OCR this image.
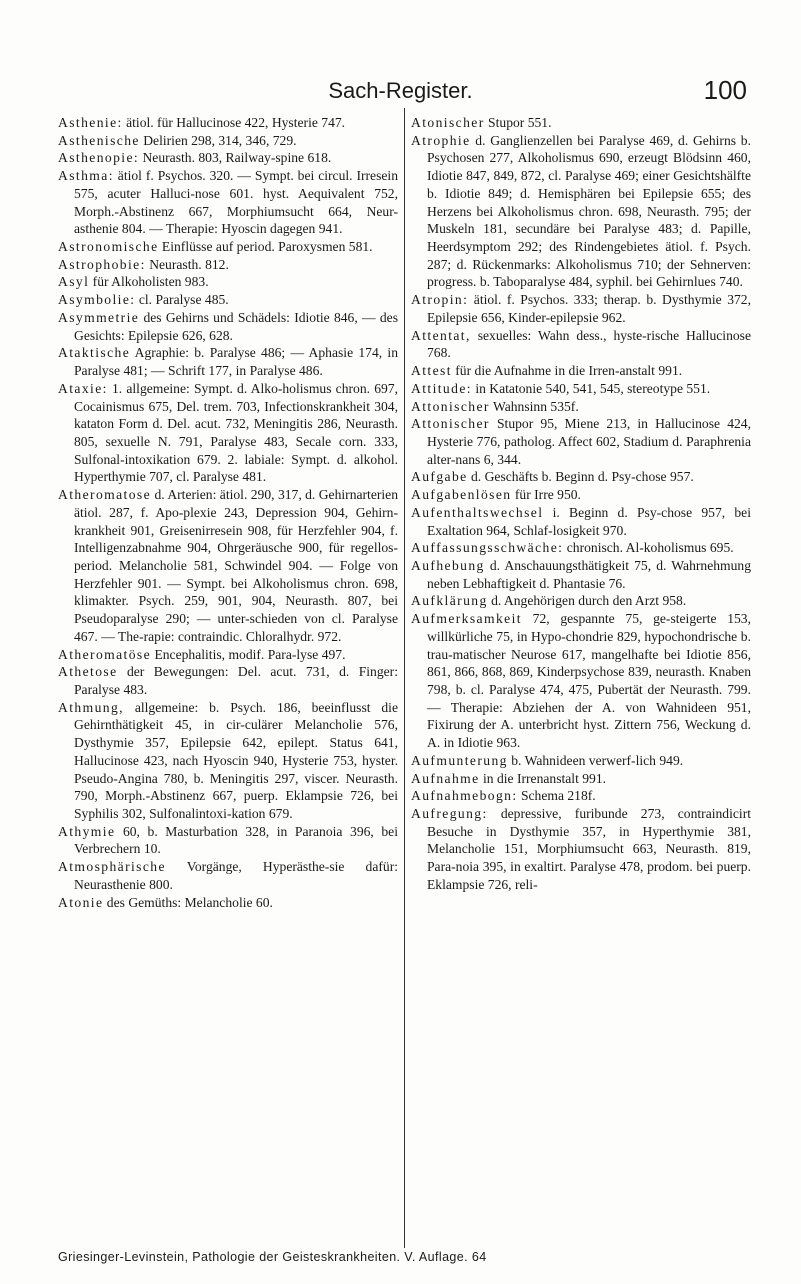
Sach-Register.	100

Asthenie: ätiol. für Hallucinose 422, Hysterie 747.

Asthenische Delirien 298, 314, 346, 729.

Asthenopie: Neurasth. 803, Railway-spine 618.

Asthma: ätiol f. Psychos. 320. — Sympt. bei circul. Irresein 575, acuter Halluci-nose 601. hyst. Aequivalent 752, Morph.-Abstinenz 667, Morphiumsucht 664, Neur-asthenie 804. — Therapie: Hyoscin dagegen 941.

Astronomische Einflüsse auf period. Paroxysmen 581.

Astrophobie: Neurasth. 812.

Asyl für Alkoholisten 983.

Asymbolie: cl. Paralyse 485.

Asymmetrie des Gehirns und Schädels: Idiotie 846, — des Gesichts: Epilepsie 626, 628.

Ataktische Agraphie: b. Paralyse 486; — Aphasie 174, in Paralyse 481; — Schrift 177, in Paralyse 486.

Ataxie: 1. allgemeine: Sympt. d. Alko-holismus chron. 697, Cocainismus 675, Del. trem. 703, Infectionskrankheit 304, kataton Form d. Del. acut. 732, Meningitis 286, Neurasth. 805, sexuelle N. 791, Paralyse 483, Secale corn. 333, Sulfonal-intoxikation 679. 2. labiale: Sympt. d. alkohol. Hyperthymie 707, cl. Paralyse 481.

Atheromatose d. Arterien: ätiol. 290, 317, d. Gehirnarterien ätiol. 287, f. Apo-plexie 243, Depression 904, Gehirn-krankheit 901, Greisenirresein 908, für Herzfehler 904, f. Intelligenzabnahme 904, Ohrgeräusche 900, für regellos-period. Melancholie 581, Schwindel 904. — Folge von Herzfehler 901. — Sympt. bei Alkoholismus chron. 698, klimakter. Psych. 259, 901, 904, Neurasth. 807, bei Pseudoparalyse 290; — unter-schieden von cl. Paralyse 467. — The-rapie: contraindic. Chloralhydr. 972.

Atheromatöse Encephalitis, modif. Para-lyse 497.

Athetose der Bewegungen: Del. acut. 731, d. Finger: Paralyse 483.

Athmung, allgemeine: b. Psych. 186, beeinflusst die Gehirnthätigkeit 45, in cir-culärer Melancholie 576, Dysthymie 357, Epilepsie 642, epilept. Status 641, Hallucinose 423, nach Hyoscin 940, Hysterie 753, hyster. Pseudo-Angina 780, b. Meningitis 297, viscer. Neurasth. 790, Morph.-Abstinenz 667, puerp. Eklampsie 726, bei Syphilis 302, Sulfonalintoxi-kation 679.

Athymie 60, b. Masturbation 328, in Paranoia 396, bei Verbrechern 10.

Atmosphärische Vorgänge, Hyperästhe-sie dafür: Neurasthenie 800.

Atonie des Gemüths: Melancholie 60.

Atonischer Stupor 551.

Atrophie d. Ganglienzellen bei Paralyse 469, d. Gehirns b. Psychosen 277, Alkoholismus 690, erzeugt Blödsinn 460, Idiotie 847, 849, 872, cl. Paralyse 469; einer Gesichtshälfte b. Idiotie 849; d. Hemisphären bei Epilepsie 655; des Herzens bei Alkoholismus chron. 698, Neurasth. 795; der Muskeln 181, secundäre bei Paralyse 483; d. Papille, Heerdsymptom 292; des Rindengebietes ätiol. f. Psych. 287; d. Rückenmarks: Alkoholismus 710; der Sehnerven: progress. b. Taboparalyse 484, syphil. bei Gehirnlues 740.

Atropin: ätiol. f. Psychos. 333; therap. b. Dysthymie 372, Epilepsie 656, Kinder-epilepsie 962.

Attentat, sexuelles: Wahn dess., hyste-rische Hallucinose 768.

Attest für die Aufnahme in die Irren-anstalt 991.

Attitude: in Katatonie 540, 541, 545, stereotype 551.

Attonischer Wahnsinn 535f.

Attonischer Stupor 95, Miene 213, in Hallucinose 424, Hysterie 776, patholog. Affect 602, Stadium d. Paraphrenia alter-nans 6, 344.

Aufgabe d. Geschäfts b. Beginn d. Psy-chose 957.

Aufgabenlösen für Irre 950.

Aufenthaltswechsel i. Beginn d. Psy-chose 957, bei Exaltation 964, Schlaf-losigkeit 970.

Auffassungsschwäche: chronisch. Al-koholismus 695.

Aufhebung d. Anschauungsthätigkeit 75, d. Wahrnehmung neben Lebhaftigkeit d. Phantasie 76.

Aufklärung d. Angehörigen durch den Arzt 958.

Aufmerksamkeit 72, gespannte 75, ge-steigerte 153, willkürliche 75, in Hypo-chondrie 829, hypochondrische b. trau-matischer Neurose 617, mangelhafte bei Idiotie 856, 861, 866, 868, 869, Kinderpsychose 839, neurasth. Knaben 798, b. cl. Paralyse 474, 475, Pubertät der Neurasth. 799. — Therapie: Abziehen der A. von Wahnideen 951, Fixirung der A. unterbricht hyst. Zittern 756, Weckung d. A. in Idiotie 963.

Aufmunterung b. Wahnideen verwerf-lich 949.

Aufnahme in die Irrenanstalt 991.

Aufnahmebogn: Schema 218f.

Aufregung: depressive, furibunde 273, contraindicirt Besuche in Dysthymie 357, in Hyperthymie 381, Melancholie 151, Morphiumsucht 663, Neurasth. 819, Para-noia 395, in exaltirt. Paralyse 478, prodom. bei puerp. Eklampsie 726, reli-

Griesinger-Levinstein, Pathologie der Geisteskrankheiten. V. Auflage. 64
